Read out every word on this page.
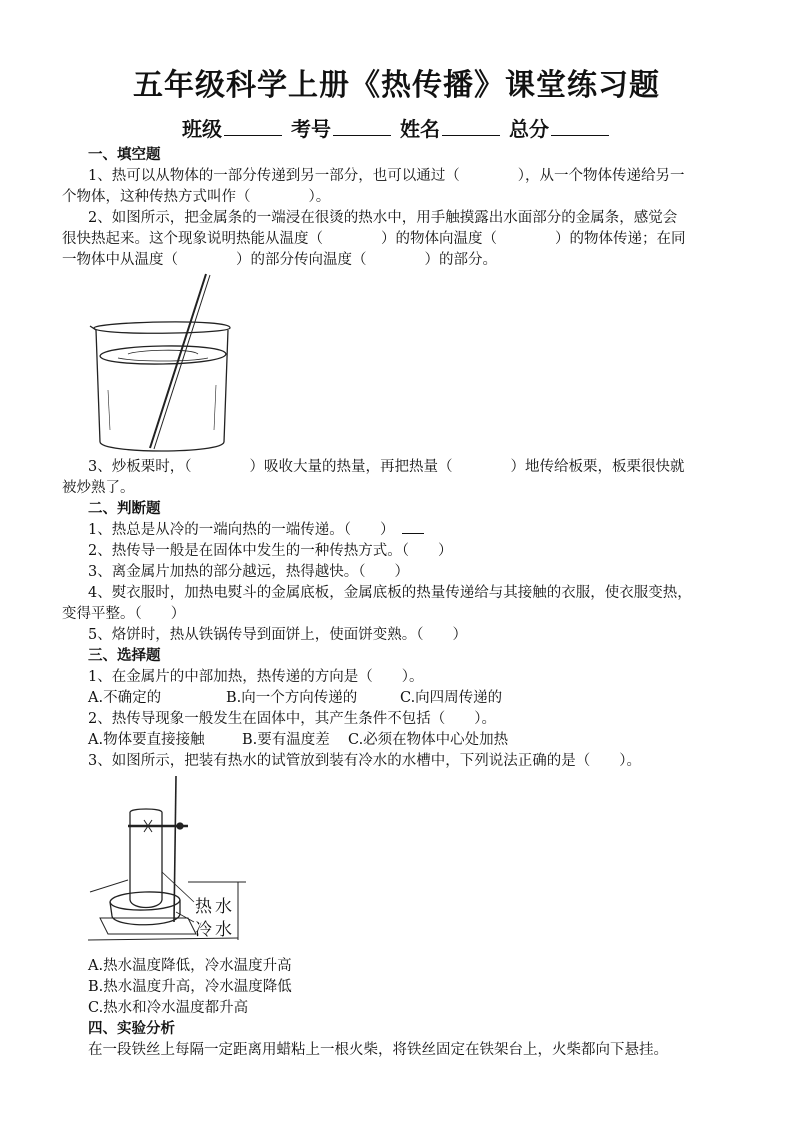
五年级科学上册《热传播》课堂练习题
班级	考号	姓名	总分
一、填空题
1、热可以从物体的一部分传递到另一部分，也可以通过（　　　　），从一个物体传递给另一
个物体，这种传热方式叫作（　　　　）。
2、如图所示，把金属条的一端浸在很烫的热水中，用手触摸露出水面部分的金属条，感觉会
很快热起来。这个现象说明热能从温度（　　　　）的物体向温度（　　　　）的物体传递；在同
一物体中从温度（　　　　）的部分传向温度（　　　　）的部分。
3、炒板栗时，（　　　　）吸收大量的热量，再把热量（　　　　）地传给板栗，板栗很快就
被炒熟了。
二、判断题
1、热总是从冷的一端向热的一端传递。（　　）
2、热传导一般是在固体中发生的一种传热方式。（　　）
3、离金属片加热的部分越远，热得越快。（　　）
4、熨衣服时，加热电熨斗的金属底板，金属底板的热量传递给与其接触的衣服，使衣服变热，
变得平整。（　　）
5、烙饼时，热从铁锅传导到面饼上，使面饼变熟。（　　）
三、选择题
1、在金属片的中部加热，热传递的方向是（　　）。
A.不确定的	B.向一个方向传递的	C.向四周传递的
2、热传导现象一般发生在固体中，其产生条件不包括（　　）。
A.物体要直接接触	B.要有温度差 C.必须在物体中心处加热
3、如图所示，把装有热水的试管放到装有冷水的水槽中，下列说法正确的是（　　）。
热水
冷水
A.热水温度降低，冷水温度升高
B.热水温度升高，冷水温度降低
C.热水和冷水温度都升高
四、实验分析
在一段铁丝上每隔一定距离用蜡粘上一根火柴，将铁丝固定在铁架台上，火柴都向下悬挂。
